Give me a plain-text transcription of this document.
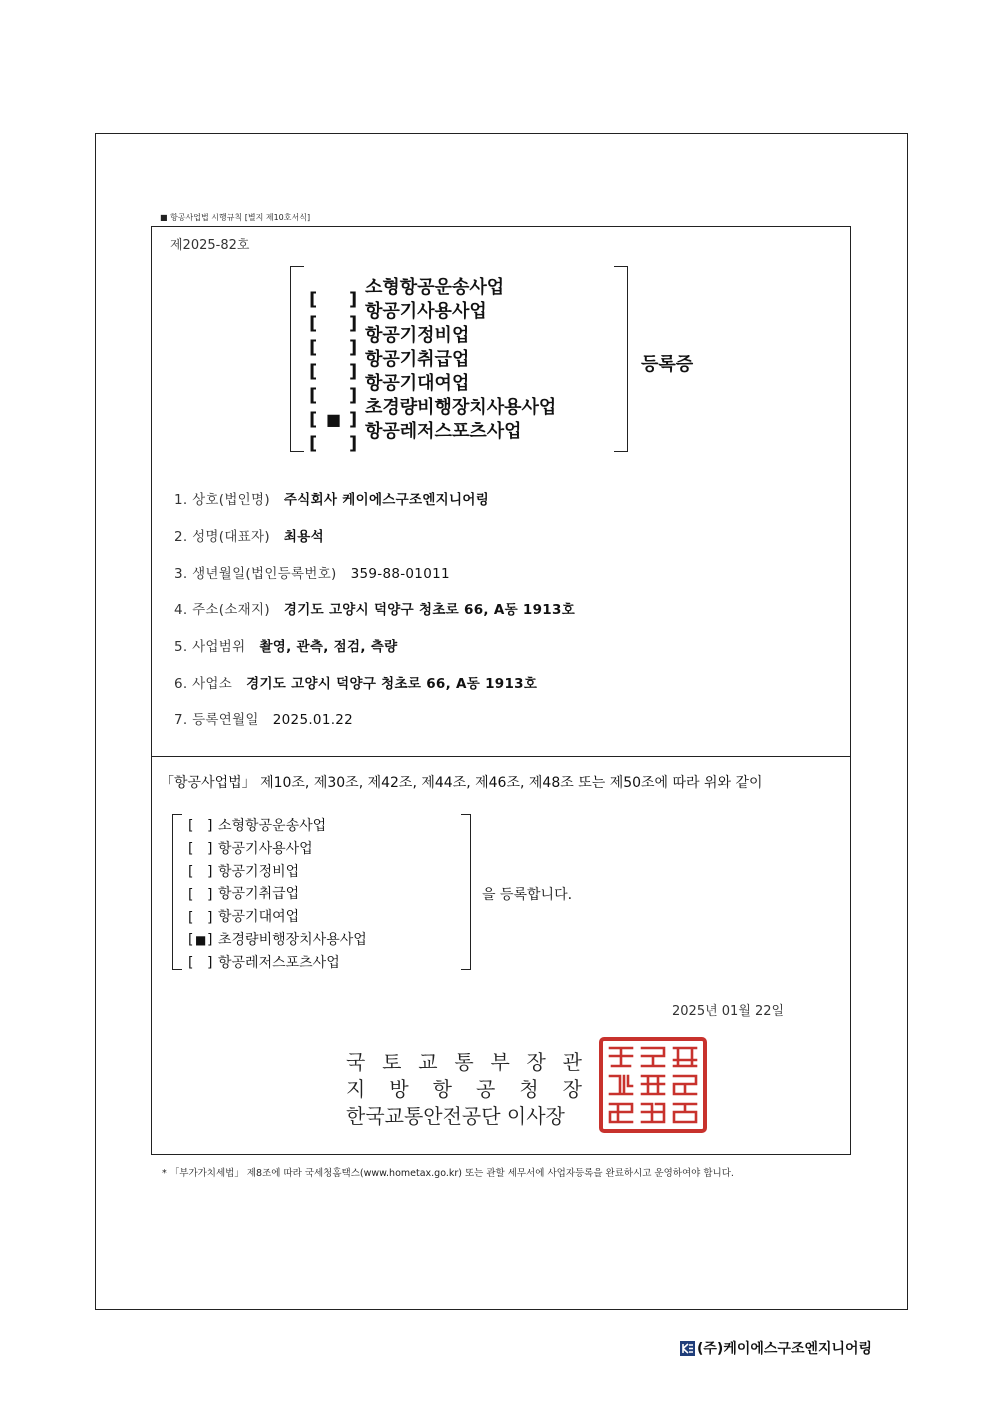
■ 항공사업법 시행규칙 [별지 제10호서식]
제2025-82호
[ ]
소형항공운송사업
[ ]
항공기사용사업
[ ]
항공기정비업
[ ]
항공기취급업
[ ]
항공기대여업
[ ■ ]
초경량비행장치사용사업
[ ]
항공레저스포츠사업
등록증
1. 상호(법인명) 주식회사 케이에스구조엔지니어링
2. 성명(대표자) 최용석
3. 생년월일(법인등록번호) 359-88-01011
4. 주소(소재지) 경기도 고양시 덕양구 청초로 66, A동 1913호
5. 사업범위 촬영, 관측, 점검, 측량
6. 사업소 경기도 고양시 덕양구 청초로 66, A동 1913호
7. 등록연월일 2025.01.22
「항공사업법」 제10조, 제30조, 제42조, 제44조, 제46조, 제48조 또는 제50조에 따라 위와 같이
[ ] 소형항공운송사업
[ ] 항공기사용사업
[ ] 항공기정비업
[ ] 항공기취급업
[ ] 항공기대여업
[ ■ ] 초경량비행장치사용사업
[ ] 항공레저스포츠사업
을 등록합니다.
2025년 01월 22일
국 토 교 통 부 장 관
지 방 항 공 청 장
한국교통안전공단 이사장
* 「부가가치세법」 제8조에 따라 국세청홈택스(www.hometax.go.kr) 또는 관할 세무서에 사업자등록을 완료하시고 운영하여야 합니다.
(주)케이에스구조엔지니어링
